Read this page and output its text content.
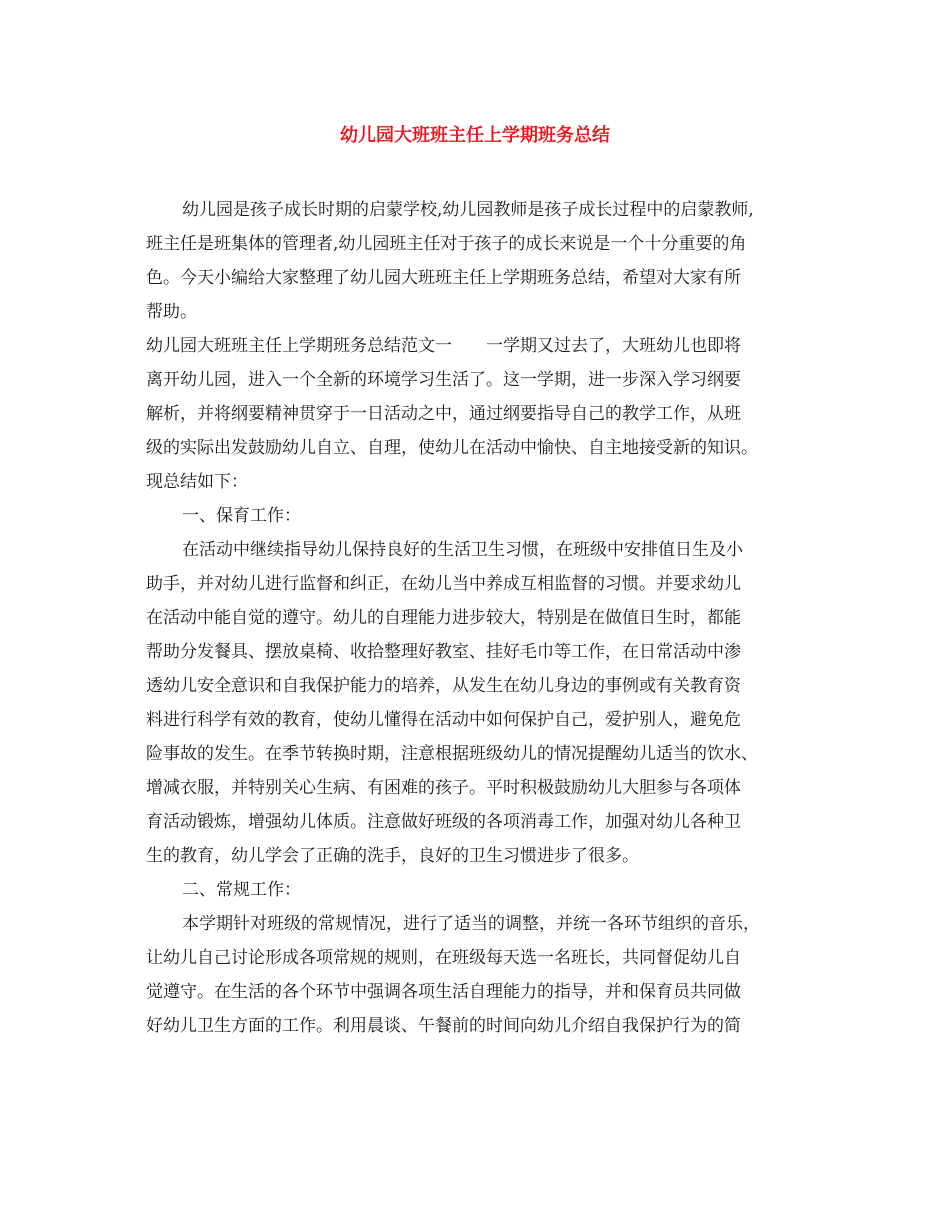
幼儿园大班班主任上学期班务总结
幼儿园是孩子成长时期的启蒙学校,幼儿园教师是孩子成长过程中的启蒙教师,
班主任是班集体的管理者,幼儿园班主任对于孩子的成长来说是一个十分重要的角
色。今天小编给大家整理了幼儿园大班班主任上学期班务总结，希望对大家有所
帮助。
幼儿园大班班主任上学期班务总结范文一 一学期又过去了，大班幼儿也即将
离开幼儿园，进入一个全新的环境学习生活了。这一学期，进一步深入学习纲要
解析，并将纲要精神贯穿于一日活动之中，通过纲要指导自己的教学工作，从班
级的实际出发鼓励幼儿自立、自理，使幼儿在活动中愉快、自主地接受新的知识。
现总结如下：
一、保育工作：
在活动中继续指导幼儿保持良好的生活卫生习惯，在班级中安排值日生及小
助手，并对幼儿进行监督和纠正，在幼儿当中养成互相监督的习惯。并要求幼儿
在活动中能自觉的遵守。幼儿的自理能力进步较大，特别是在做值日生时，都能
帮助分发餐具、摆放桌椅、收拾整理好教室、挂好毛巾等工作，在日常活动中渗
透幼儿安全意识和自我保护能力的培养，从发生在幼儿身边的事例或有关教育资
料进行科学有效的教育，使幼儿懂得在活动中如何保护自己，爱护别人，避免危
险事故的发生。在季节转换时期，注意根据班级幼儿的情况提醒幼儿适当的饮水、
增减衣服，并特别关心生病、有困难的孩子。平时积极鼓励幼儿大胆参与各项体
育活动锻炼，增强幼儿体质。注意做好班级的各项消毒工作，加强对幼儿各种卫
生的教育，幼儿学会了正确的洗手，良好的卫生习惯进步了很多。
二、常规工作：
本学期针对班级的常规情况，进行了适当的调整，并统一各环节组织的音乐，
让幼儿自己讨论形成各项常规的规则，在班级每天选一名班长，共同督促幼儿自
觉遵守。在生活的各个环节中强调各项生活自理能力的指导，并和保育员共同做
好幼儿卫生方面的工作。利用晨谈、午餐前的时间向幼儿介绍自我保护行为的简
